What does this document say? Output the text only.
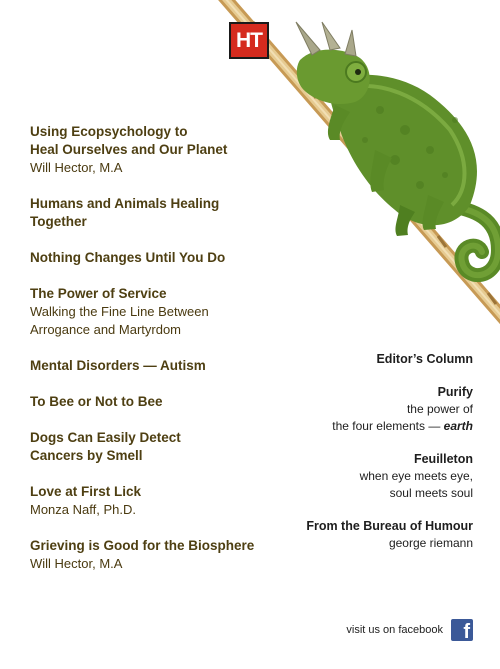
HT
Using Ecopsychology to
Heal Ourselves and Our Planet
Will Hector, M.A
Humans and Animals Healing
Together
Nothing Changes Until You Do
The Power of Service
Walking the Fine Line Between
Arrogance and Martyrdom
Mental Disorders — Autism
To Bee or Not to Bee
Dogs Can Easily Detect
Cancers by Smell
Love at First Lick
Monza Naff, Ph.D.
Grieving is Good for the Biosphere
Will Hector, M.A
Editor’s Column
Purify
the power of
the four elements — earth
Feuilleton
when eye meets eye,
soul meets soul
From the Bureau of Humour
george riemann
visit us on facebook f
